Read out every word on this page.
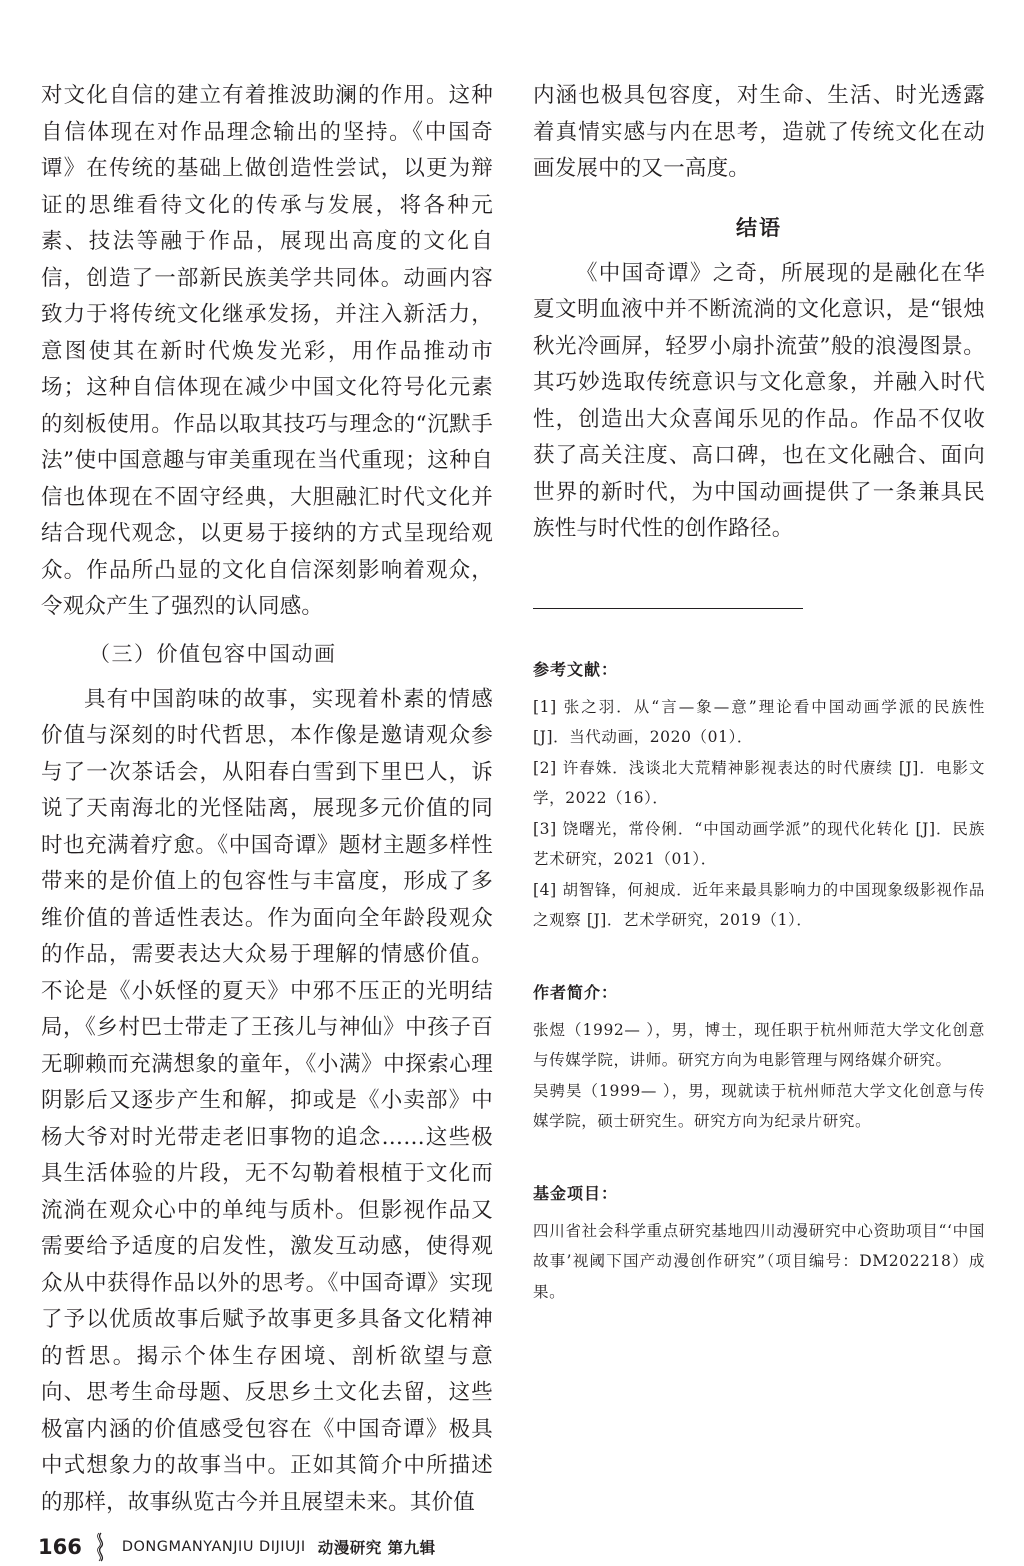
对文化自信的建立有着推波助澜的作用。这种自信体现在对作品理念输出的坚持。《中国奇谭》在传统的基础上做创造性尝试，以更为辩证的思维看待文化的传承与发展，将各种元素、技法等融于作品，展现出高度的文化自信，创造了一部新民族美学共同体。动画内容致力于将传统文化继承发扬，并注入新活力，意图使其在新时代焕发光彩，用作品推动市场；这种自信体现在减少中国文化符号化元素的刻板使用。作品以取其技巧与理念的“沉默手法”使中国意趣与审美重现在当代重现；这种自信也体现在不固守经典，大胆融汇时代文化并结合现代观念，以更易于接纳的方式呈现给观众。作品所凸显的文化自信深刻影响着观众，令观众产生了强烈的认同感。

（三）价值包容中国动画

具有中国韵味的故事，实现着朴素的情感价值与深刻的时代哲思，本作像是邀请观众参与了一次茶话会，从阳春白雪到下里巴人，诉说了天南海北的光怪陆离，展现多元价值的同时也充满着疗愈。《中国奇谭》题材主题多样性带来的是价值上的包容性与丰富度，形成了多维价值的普适性表达。作为面向全年龄段观众的作品，需要表达大众易于理解的情感价值。不论是《小妖怪的夏天》中邪不压正的光明结局，《乡村巴士带走了王孩儿与神仙》中孩子百无聊赖而充满想象的童年，《小满》中探索心理阴影后又逐步产生和解，抑或是《小卖部》中杨大爷对时光带走老旧事物的追念……这些极具生活体验的片段，无不勾勒着根植于文化而流淌在观众心中的单纯与质朴。但影视作品又需要给予适度的启发性，激发互动感，使得观众从中获得作品以外的思考。《中国奇谭》实现了予以优质故事后赋予故事更多具备文化精神的哲思。揭示个体生存困境、剖析欲望与意向、思考生命母题、反思乡土文化去留，这些极富内涵的价值感受包容在《中国奇谭》极具中式想象力的故事当中。正如其简介中所描述的那样，故事纵览古今并且展望未来。其价值

内涵也极具包容度，对生命、生活、时光透露着真情实感与内在思考，造就了传统文化在动画发展中的又一高度。

结语

《中国奇谭》之奇，所展现的是融化在华夏文明血液中并不断流淌的文化意识，是“银烛秋光冷画屏，轻罗小扇扑流萤”般的浪漫图景。其巧妙选取传统意识与文化意象，并融入时代性，创造出大众喜闻乐见的作品。作品不仅收获了高关注度、高口碑，也在文化融合、面向世界的新时代，为中国动画提供了一条兼具民族性与时代性的创作路径。

参考文献：

[1] 张之羽．从“言—象—意”理论看中国动画学派的民族性 [J]．当代动画，2020（01）．

[2] 许春姝．浅谈北大荒精神影视表达的时代赓续 [J]．电影文学，2022（16）．

[3] 饶曙光，常伶俐．“中国动画学派”的现代化转化 [J]．民族艺术研究，2021（01）．

[4] 胡智锋，何昶成．近年来最具影响力的中国现象级影视作品之观察 [J]．艺术学研究，2019（1）．

作者简介：

张煜（1992— ），男，博士，现任职于杭州师范大学文化创意与传媒学院，讲师。研究方向为电影管理与网络媒介研究。

吴骋昊（1999— ），男，现就读于杭州师范大学文化创意与传媒学院，硕士研究生。研究方向为纪录片研究。

基金项目：

四川省社会科学重点研究基地四川动漫研究中心资助项目“‘中国故事’视阈下国产动漫创作研究”（项目编号：DM202218）成果。

166	DONGMANYANJIU DIJIUJI 动漫研究 第九辑
